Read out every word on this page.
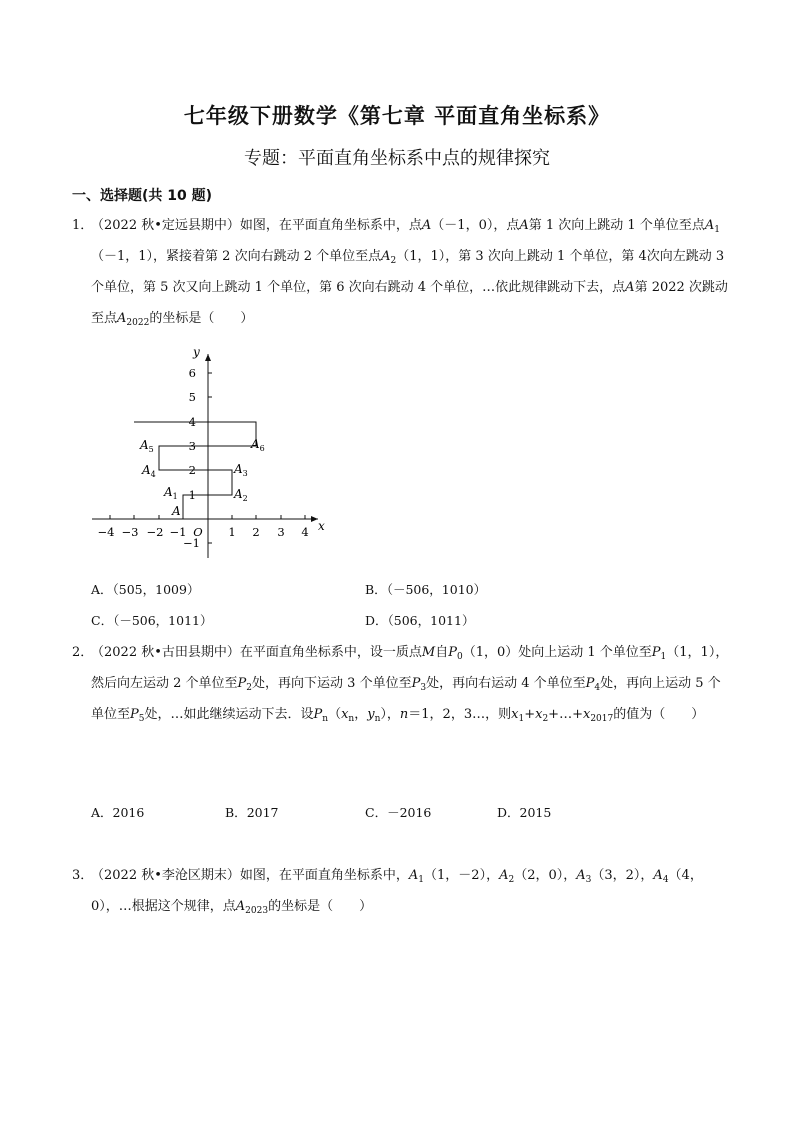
七年级下册数学《第七章 平面直角坐标系》
专题：平面直角坐标系中点的规律探究
一、选择题(共 10 题)
1．
（2022 秋•定远县期中）如图，在平面直角坐标系中，点A（－1，0），点A第 1 次向上跳动 1 个单位至点$A_1(-1$，1），紧接着第 2 次向右跳动 2 个单位至点$A_2(1$，1），第 3 次向上跳动 1 个单位，第 4次向左跳动 3 个单位，第 5 次又向上跳动 1 个单位，第 6 次向右跳动 4 个单位，…依此规律跳动下去，点A第 2022 次跳动至点$A_{2022}$的坐标是（　　）
x
y
−4 −3 −2 −1 O 1 2 3 4
6
5
4
3
2
1
−1
A
$A_1$	$A_2$
$A_3$
$A_4$
$A_5$	$A_6$
A．（505，1009）	B．（－506，1010）
C．（－506，1011）	D．（506，1011）
2．
（2022 秋•古田县期中）在平面直角坐标系中，设一质点M自$P_0(1$，0）处向上运动 1 个单位至$P_1(1$，1），然后向左运动 2 个单位至$P_2$处，再向下运动 3 个单位至$P_3$处，再向右运动 4 个单位至$P_4$处，再向上运动 5 个单位至$P_5$处，…如此继续运动下去．设$P_n(x_n$，$y_n$），n＝1，2，3…，则$x_1+x_2+\dots+x_{2017}$的值为（　　）
A．2016	B．2017	C．－2016	D．2015
3．
（2022 秋•李沧区期末）如图，在平面直角坐标系中，$A_1(1$，－2），$A_2(2$，0），$A_3(3$，2），$A_4(4$，0），…根据这个规律，点$A_{2023}$的坐标是（　　）
